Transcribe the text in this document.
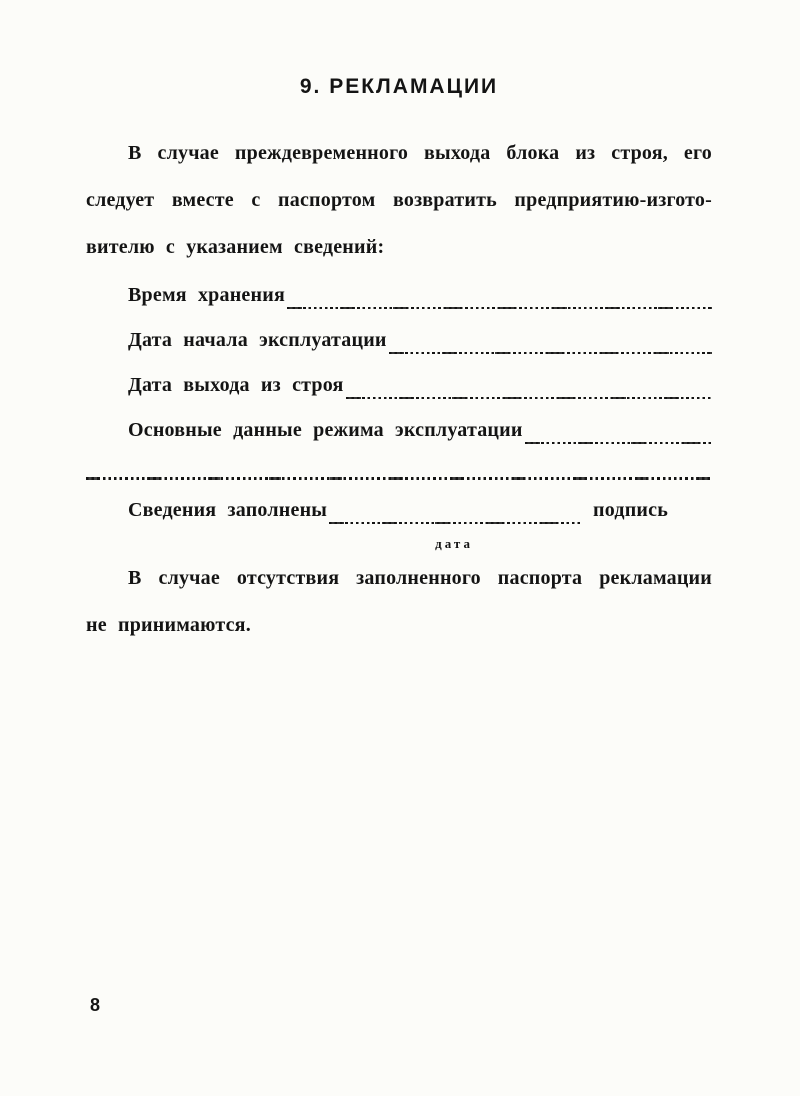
9. РЕКЛАМАЦИИ

В случае преждевременного выхода блока из строя, его
следует вместе с паспортом возвратить предприятию-изгото-
вителю с указанием сведений:

Время хранения
Дата начала эксплуатации
Дата выхода из строя
Основные данные режима эксплуатации
Сведения заполнены
дата
подпись

В случае отсутствия заполненного паспорта рекламации
не принимаются.

8
